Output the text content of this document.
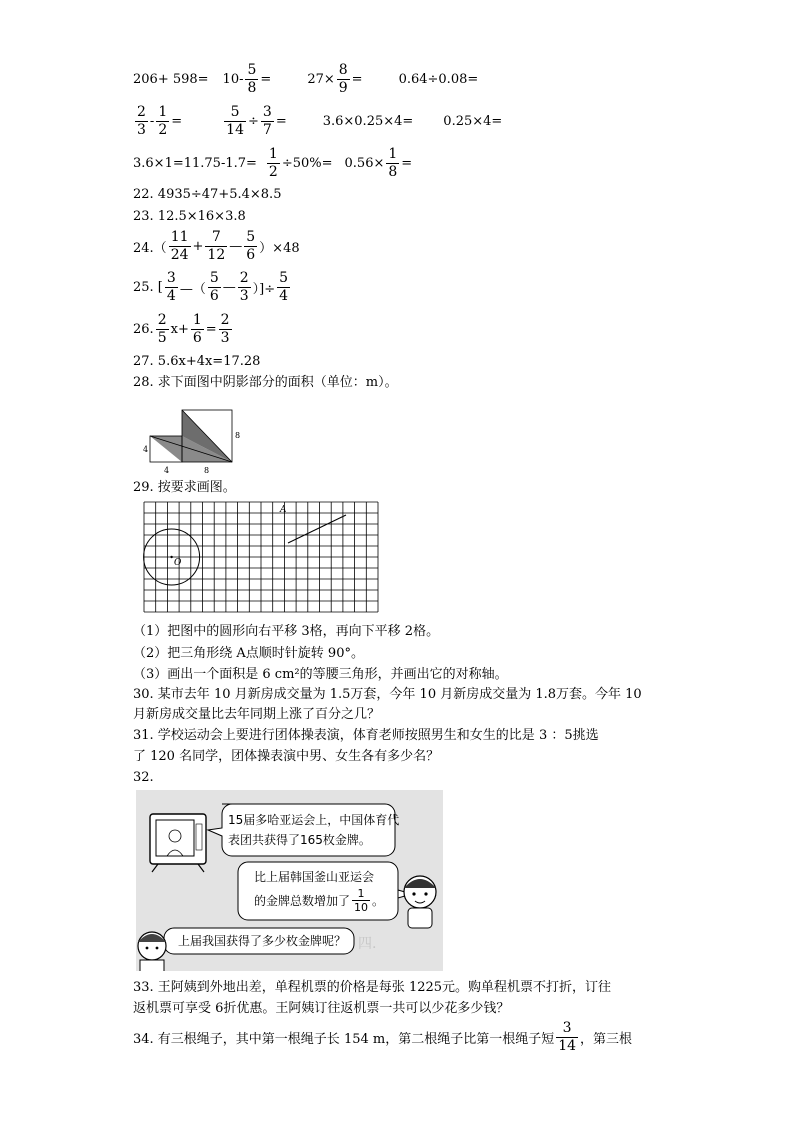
$206+ 598= 10- \frac{5}{8}$ =	$27\times \frac{8}{9}$ =	0.64÷0.08=
$\frac{2}{3} - \frac{1}{2}$ =	$\frac{5}{14} \div \frac{3}{7}$ =	3.6×0.25×4= 0.25×4=
$3.6\times 1=11.75-1.7= \frac{1}{2} \div 50\%= 0.56\times \frac{1}{8}$ =
22. 4935÷47+5.4×8.5
23. 12.5×16×3.8
$24.( \frac{11}{24} + \frac{7}{12}$ — $\frac{5}{6} )\times 48$
25. [ $\frac{3}{4}$ —（ $\frac{5}{6}$ — $\frac{2}{3}$ ）]÷ $\frac{5}{4}$
26. $\frac{2}{5} x+ \frac{1}{6} = \frac{2}{3}$
27. 5.6x+4x=17.28
28. 求下面图中阴影部分的面积（单位：m）。
4
8
4	8
29. 按要求画图。
O
A
（1）把图中的圆形向右平移 3格，再向下平移 2格。
（2）把三角形绕 A点顺时针旋转 90°。
（3）画出一个面积是 6 cm²的等腰三角形，并画出它的对称轴。
30. 某市去年 10 月新房成交量为 1.5万套，今年 10 月新房成交量为 1.8万套。今年 10
月新房成交量比去年同期上涨了百分之几？
31. 学校运动会上要进行团体操表演，体育老师按照男生和女生的比是 3 ：5挑选
了 120 名同学，团体操表演中男、女生各有多少名？
32.
四.
15届多哈亚运会上，中国体育代
表团共获得了165枚金牌。
比上届韩国釜山亚运会
的金牌总数增加了 $\frac{1}{10}$ 。
上届我国获得了多少枚金牌呢？
33. 王阿姨到外地出差，单程机票的价格是每张 1225元。购单程机票不打折，订往
返机票可享受 6折优惠。王阿姨订往返机票一共可以少花多少钱？
34. 有三根绳子，其中第一根绳子长 154 m，第二根绳子比第一根绳子短 $\frac{3}{14}$ ，第三根
